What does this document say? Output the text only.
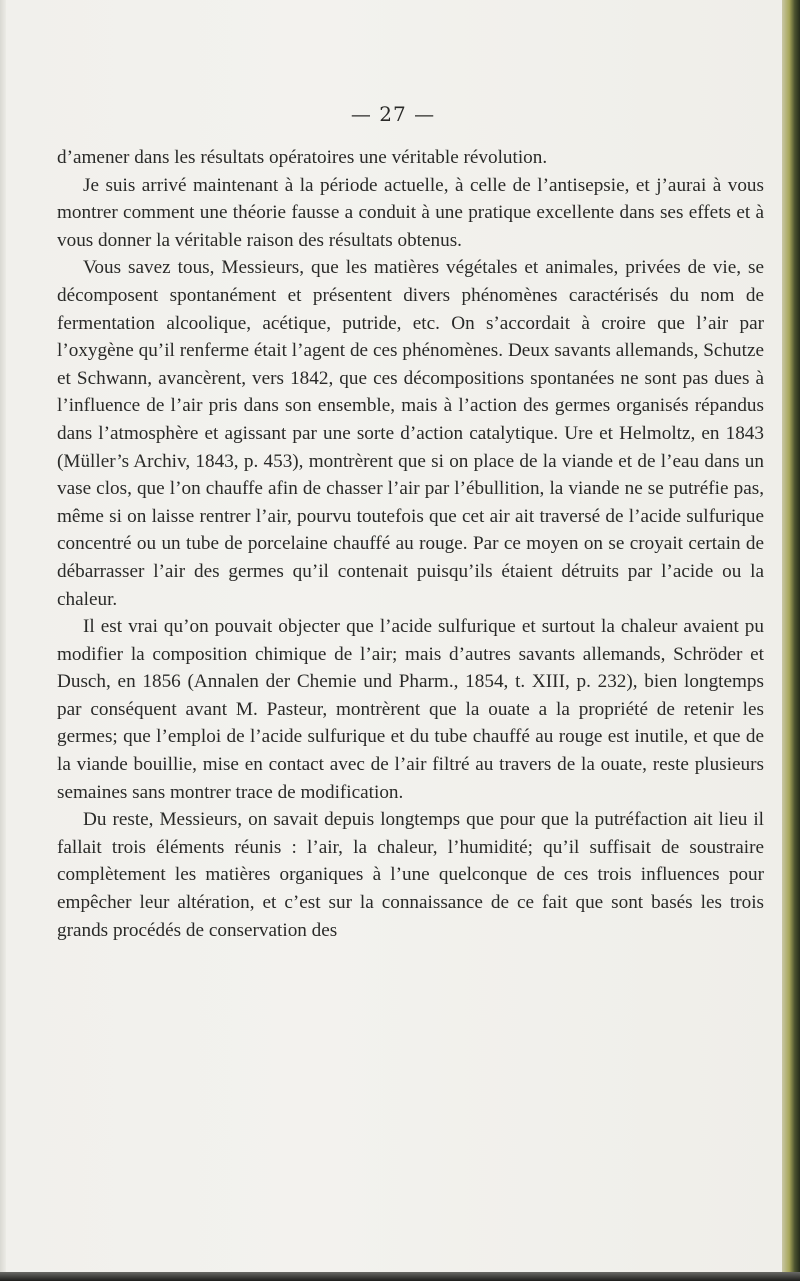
— 27 —

d’amener dans les résultats opératoires une véritable révolution.

Je suis arrivé maintenant à la période actuelle, à celle de l’antisepsie, et j’aurai à vous montrer comment une théorie fausse a conduit à une pratique excellente dans ses effets et à vous donner la véritable raison des résultats obtenus.

Vous savez tous, Messieurs, que les matières végétales et animales, privées de vie, se décomposent spontanément et présentent divers phénomènes caractérisés du nom de fermentation alcoolique, acétique, putride, etc. On s’accordait à croire que l’air par l’oxygène qu’il renferme était l’agent de ces phénomènes. Deux savants allemands, Schutze et Schwann, avancèrent, vers 1842, que ces décompositions spontanées ne sont pas dues à l’influence de l’air pris dans son ensemble, mais à l’action des germes organisés répandus dans l’atmosphère et agissant par une sorte d’action catalytique. Ure et Helmoltz, en 1843 (Müller’s Archiv, 1843, p. 453), montrèrent que si on place de la viande et de l’eau dans un vase clos, que l’on chauffe afin de chasser l’air par l’ébullition, la viande ne se putréfie pas, même si on laisse rentrer l’air, pourvu toutefois que cet air ait traversé de l’acide sulfurique concentré ou un tube de porcelaine chauffé au rouge. Par ce moyen on se croyait certain de débarrasser l’air des germes qu’il contenait puisqu’ils étaient détruits par l’acide ou la chaleur.

Il est vrai qu’on pouvait objecter que l’acide sulfurique et surtout la chaleur avaient pu modifier la composition chimique de l’air; mais d’autres savants allemands, Schröder et Dusch, en 1856 (Annalen der Chemie und Pharm., 1854, t. XIII, p. 232), bien longtemps par conséquent avant M. Pasteur, montrèrent que la ouate a la propriété de retenir les germes; que l’emploi de l’acide sulfurique et du tube chauffé au rouge est inutile, et que de la viande bouillie, mise en contact avec de l’air filtré au travers de la ouate, reste plusieurs semaines sans montrer trace de modification.

Du reste, Messieurs, on savait depuis longtemps que pour que la putréfaction ait lieu il fallait trois éléments réunis : l’air, la chaleur, l’humidité; qu’il suffisait de soustraire complètement les matières organiques à l’une quelconque de ces trois influences pour empêcher leur altération, et c’est sur la connaissance de ce fait que sont basés les trois grands procédés de conservation des
